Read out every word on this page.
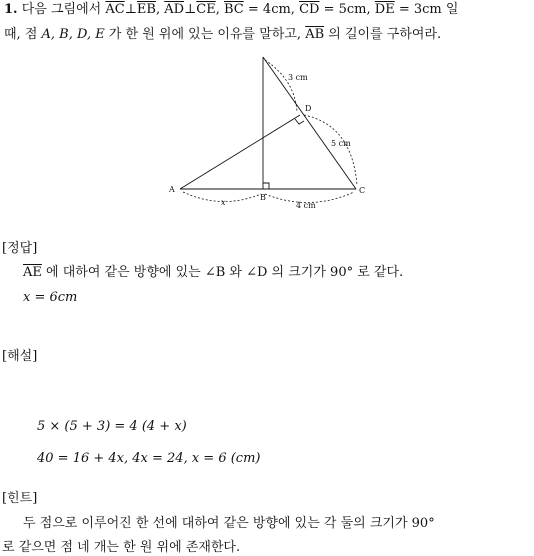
1. 다음 그림에서 $\overline{AC}\perp\overline{EB}$, $\overline{AD}\perp\overline{CE}$, $\overline{BC} = 4cm$, $\overline{CD} = 5cm$, $\overline{DE} = 3cm$ 일
때, 점 A, B, D, E 가 한 원 위에 있는 이유를 말하고, $\overline{AB}$ 의 길이를 구하여라.
A
B
C
D
3 cm
5 cm
x	4 cm
[정답]
$\overline{AE}$ 에 대하여 같은 방향에 있는 ∠B 와 ∠D 의 크기가 90° 로 같다.
x = 6cm
[해설]
5 × (5 + 3) = 4 (4 + x)
40 = 16 + 4x, 4x = 24, x = 6 (cm)
[힌트]
두 점으로 이루어진 한 선에 대하여 같은 방향에 있는 각 둘의 크기가 90°
로 같으면 점 네 개는 한 원 위에 존재한다.
